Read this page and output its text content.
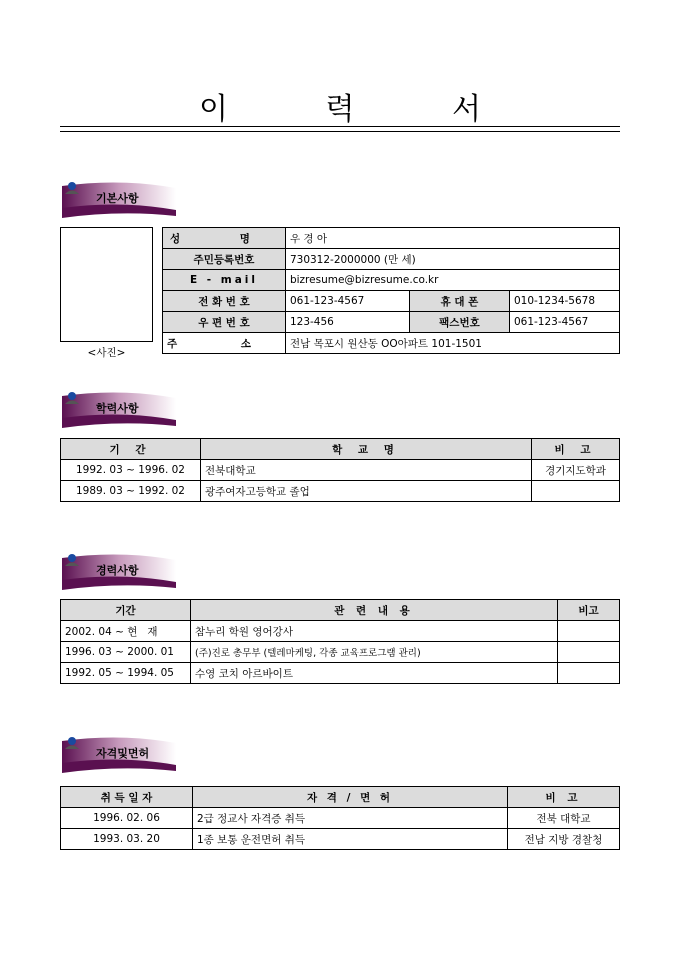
이 력 서
기본사항
<사진>
성 명	우 경 아		
주민등록번호	730312-2000000 (만 세)		
E - mail	bizresume@bizresume.co.kr		
전 화 번 호	061-123-4567	휴 대 폰	010-1234-5678
우 편 번 호	123-456	팩스번호	061-123-4567
주 소	전남 목포시 원산동 OO아파트 101-1501		
학력사항
기 간	학 교 명	비 고
1992. 03 ~ 1996. 02	전북대학교	경기지도학과
1989. 03 ~ 1992. 02	광주여자고등학교 졸업	
경력사항
기간	관 련 내 용	비고
2002. 04 ~ 현   재	참누리 학원 영어강사	
1996. 03 ~ 2000. 01	(주)진로 총무부 (텔레마케팅, 각종 교육프로그램 관리)	
1992. 05 ~ 1994. 05	수영 코치 아르바이트	
자격및면허
취 득 일 자	자 격 / 면 허	비 고
1996. 02. 06	2급 정교사 자격증 취득	전북 대학교
1993. 03. 20	1종 보통 운전면허 취득	전남 지방 경찰청
